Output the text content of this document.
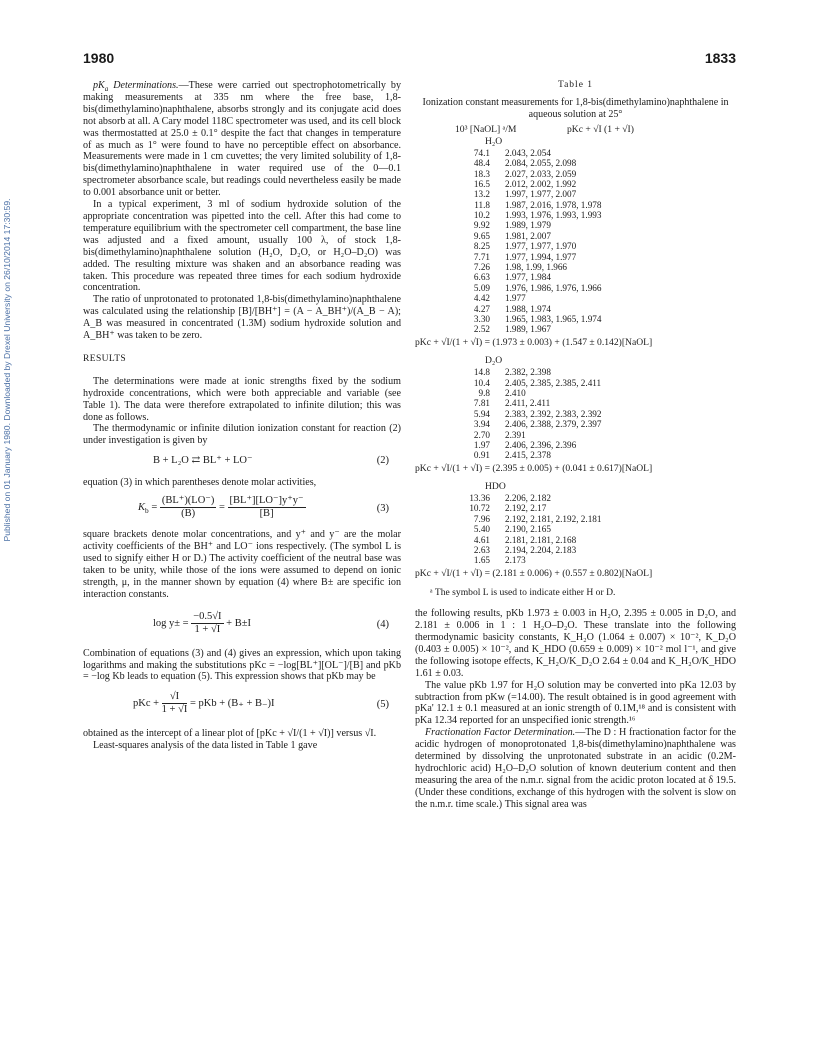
1980	1833
Published on 01 January 1980. Downloaded by Drexel University on 26/10/2014 17:30:59.

$pK_a$ Determinations.—These were carried out spectrophotometrically by making measurements at 335 nm where the free base, 1,8-bis(dimethylamino)naphthalene, absorbs strongly and its conjugate acid does not absorb at all. A Cary model 118C spectrometer was used, and its cell block was thermostatted at 25.0 ± 0.1° despite the fact that changes in temperature of as much as 1° were found to have no perceptible effect on absorbance. Measurements were made in 1 cm cuvettes; the very limited solubility of 1,8-bis(dimethylamino)naphthalene in water required use of the 0—0.1 spectrometer absorbance scale, but readings could nevertheless easily be made to 0.001 absorbance unit or better.

In a typical experiment, 3 ml of sodium hydroxide solution of the appropriate concentration was pipetted into the cell. After this had come to temperature equilibrium with the spectrometer cell compartment, the base line was adjusted and a fixed amount, usually 100 λ, of stock 1,8-bis(dimethylamino)naphthalene solution (H₂O, D₂O, or H₂O–D₂O) was added. The resulting mixture was shaken and an absorbance reading was taken. This procedure was repeated three times for each sodium hydroxide concentration.

The ratio of unprotonated to protonated 1,8-bis(dimethylamino)naphthalene was calculated using the relationship [B]/[BH⁺] = (A − A_BH⁺)/(A_B − A); A_B was measured in concentrated (1.3M) sodium hydroxide solution and A_BH⁺ was taken to be zero.

RESULTS

The determinations were made at ionic strengths fixed by the sodium hydroxide concentrations, which were both appreciable and variable (see Table 1). The data were therefore extrapolated to infinite dilution; this was done as follows.

The thermodynamic or infinite dilution ionization constant for reaction (2) under investigation is given by

B + L₂O ⇄ BL⁺ + LO⁻	(2)

equation (3) in which parentheses denote molar activities,

$K_b = \frac{(BL^+)(LO^-)}{(B)} = \frac{[BL^+][LO^-]y^+y^-}{[B]}$	(3)

square brackets denote molar concentrations, and y⁺ and y⁻ are the molar activity coefficients of the BH⁺ and LO⁻ ions respectively. (The symbol L is used to signify either H or D.) The activity coefficient of the neutral base was taken to be unity, while those of the ions were assumed to depend on ionic strength, μ, in the manner shown by equation (4) where B± are specific ion interaction constants.

$\log y\pm = \frac{-0.5√I}{1 + √I} + B\pm I$	(4)

Combination of equations (3) and (4) gives an expression, which upon taking logarithms and making the substitutions pKc = −log[BL⁺][OL⁻]/[B] and pKb = −log Kb leads to equation (5). This expression shows that pKb may be

pKc + $\frac{√I}{1 + √I}$ = pKb + (B₊ + B₋)I	(5)

obtained as the intercept of a linear plot of [pKc + √I/(1 + √I)] versus √I.

Least-squares analysis of the data listed in Table 1 gave

Table 1
Ionization constant measurements for 1,8-bis(dimethylamino)naphthalene in aqueous solution at 25°
10³ [NaOL] ᵃ/M	pKc + √I (1 + √I)
H₂O
74.1 2.043, 2.054
48.4 2.084, 2.055, 2.098
18.3 2.027, 2.033, 2.059
16.5 2.012, 2.002, 1.992
13.2 1.997, 1.977, 2.007
11.8 1.987, 2.016, 1.978, 1.978
10.2 1.993, 1.976, 1.993, 1.993
9.92 1.989, 1.979
9.65 1.981, 2.007
8.25 1.977, 1.977, 1.970
7.71 1.977, 1.994, 1.977
7.26 1.98, 1.99, 1.966
6.63 1.977, 1.984
5.09 1.976, 1.986, 1.976, 1.966
4.42 1.977
4.27 1.988, 1.974
3.30 1.965, 1.983, 1.965, 1.974
2.52 1.989, 1.967
pKc + √I/(1 + √I) = (1.973 ± 0.003) + (1.547 ± 0.142)[NaOL]
D₂O
14.8 2.382, 2.398
10.4 2.405, 2.385, 2.385, 2.411
9.8 2.410
7.81 2.411, 2.411
5.94 2.383, 2.392, 2.383, 2.392
3.94 2.406, 2.388, 2.379, 2.397
2.70 2.391
1.97 2.406, 2.396, 2.396
0.91 2.415, 2.378
pKc + √I/(1 + √I) = (2.395 ± 0.005) + (0.041 ± 0.617)[NaOL]
HDO
13.36 2.206, 2.182
10.72 2.192, 2.17
7.96 2.192, 2.181, 2.192, 2.181
5.40 2.190, 2.165
4.61 2.181, 2.181, 2.168
2.63 2.194, 2.204, 2.183
1.65 2.173
pKc + √I/(1 + √I) = (2.181 ± 0.006) + (0.557 ± 0.802)[NaOL]
ᵃ The symbol L is used to indicate either H or D.

the following results, pKb 1.973 ± 0.003 in H₂O, 2.395 ± 0.005 in D₂O, and 2.181 ± 0.006 in 1 : 1 H₂O–D₂O. These translate into the following thermodynamic basicity constants, K_H₂O (1.064 ± 0.007) × 10⁻², K_D₂O (0.403 ± 0.005) × 10⁻², and K_HDO (0.659 ± 0.009) × 10⁻² mol l⁻¹, and give the following isotope effects, K_H₂O/K_D₂O 2.64 ± 0.04 and K_H₂O/K_HDO 1.61 ± 0.03.

The value pKb 1.97 for H₂O solution may be converted into pKa 12.03 by subtraction from pKw (=14.00). The result obtained is in good agreement with pKa' 12.1 ± 0.1 measured at an ionic strength of 0.1M,¹⁸ and is consistent with pKa 12.34 reported for an unspecified ionic strength.¹⁶

Fractionation Factor Determination.—The D : H fractionation factor for the acidic hydrogen of monoprotonated 1,8-bis(dimethylamino)naphthalene was determined by dissolving the unprotonated substrate in an acidic (0.2M-hydrochloric acid) H₂O–D₂O solution of known deuterium content and then measuring the area of the n.m.r. signal from the acidic proton located at δ 19.5. (Under these conditions, exchange of this hydrogen with the solvent is slow on the n.m.r. time scale.) This signal area was
